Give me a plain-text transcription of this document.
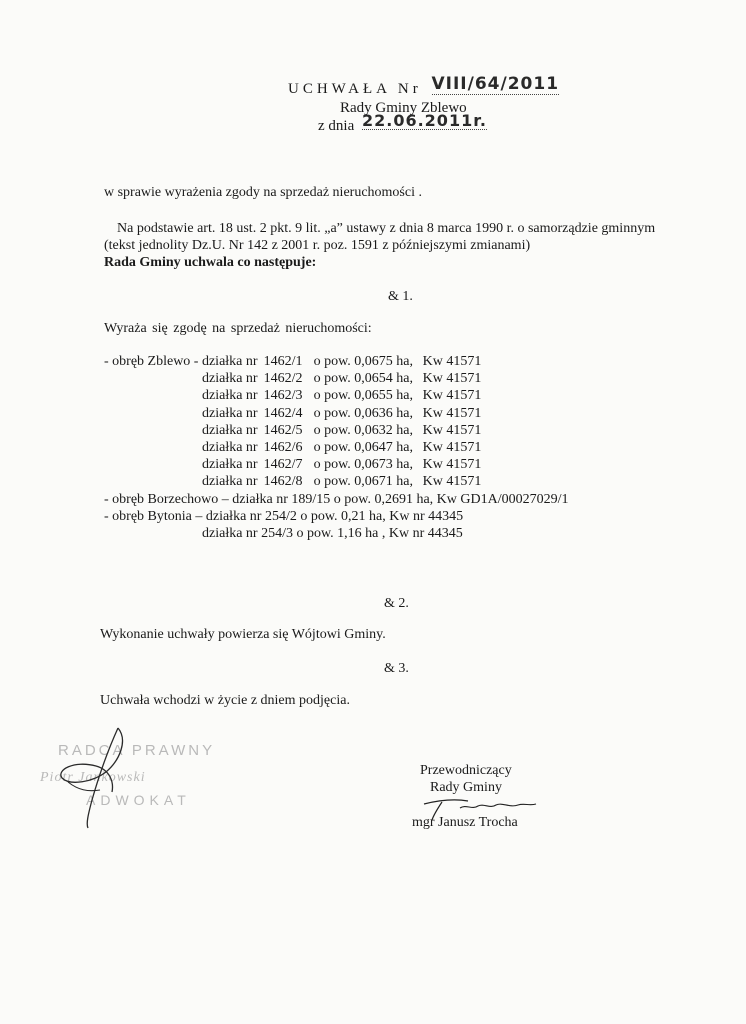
UCHWAŁA Nr VIII/64/2011
Rady Gminy Zblewo
z dnia 22.06.2011r.
w sprawie wyrażenia zgody na sprzedaż nieruchomości .
Na podstawie art. 18 ust. 2 pkt. 9 lit. „a” ustawy z dnia 8 marca 1990 r. o samorządzie gminnym
(tekst jednolity Dz.U. Nr 142 z 2001 r. poz. 1591 z późniejszymi zmianami)
Rada Gminy uchwala co następuje:
& 1.
Wyraża się zgodę na sprzedaż nieruchomości:
- obręb Zblewo - działka nr 1462/1 o pow. 0,0675 ha, Kw 41571
działka nr 1462/2 o pow. 0,0654 ha, Kw 41571
działka nr 1462/3 o pow. 0,0655 ha, Kw 41571
działka nr 1462/4 o pow. 0,0636 ha, Kw 41571
działka nr 1462/5 o pow. 0,0632 ha, Kw 41571
działka nr 1462/6 o pow. 0,0647 ha, Kw 41571
działka nr 1462/7 o pow. 0,0673 ha, Kw 41571
działka nr 1462/8 o pow. 0,0671 ha, Kw 41571
- obręb Borzechowo – działka nr 189/15 o pow. 0,2691 ha, Kw GD1A/00027029/1
- obręb Bytonia – działka nr 254/2 o pow. 0,21 ha, Kw nr 44345
działka nr 254/3 o pow. 1,16 ha , Kw nr 44345
& 2.
Wykonanie uchwały powierza się Wójtowi Gminy.
& 3.
Uchwała wchodzi w życie z dniem podjęcia.
RADCA PRAWNY
Piotr Jankowski
ADWOKAT
Przewodniczący
Rady Gminy
mgr Janusz Trocha
